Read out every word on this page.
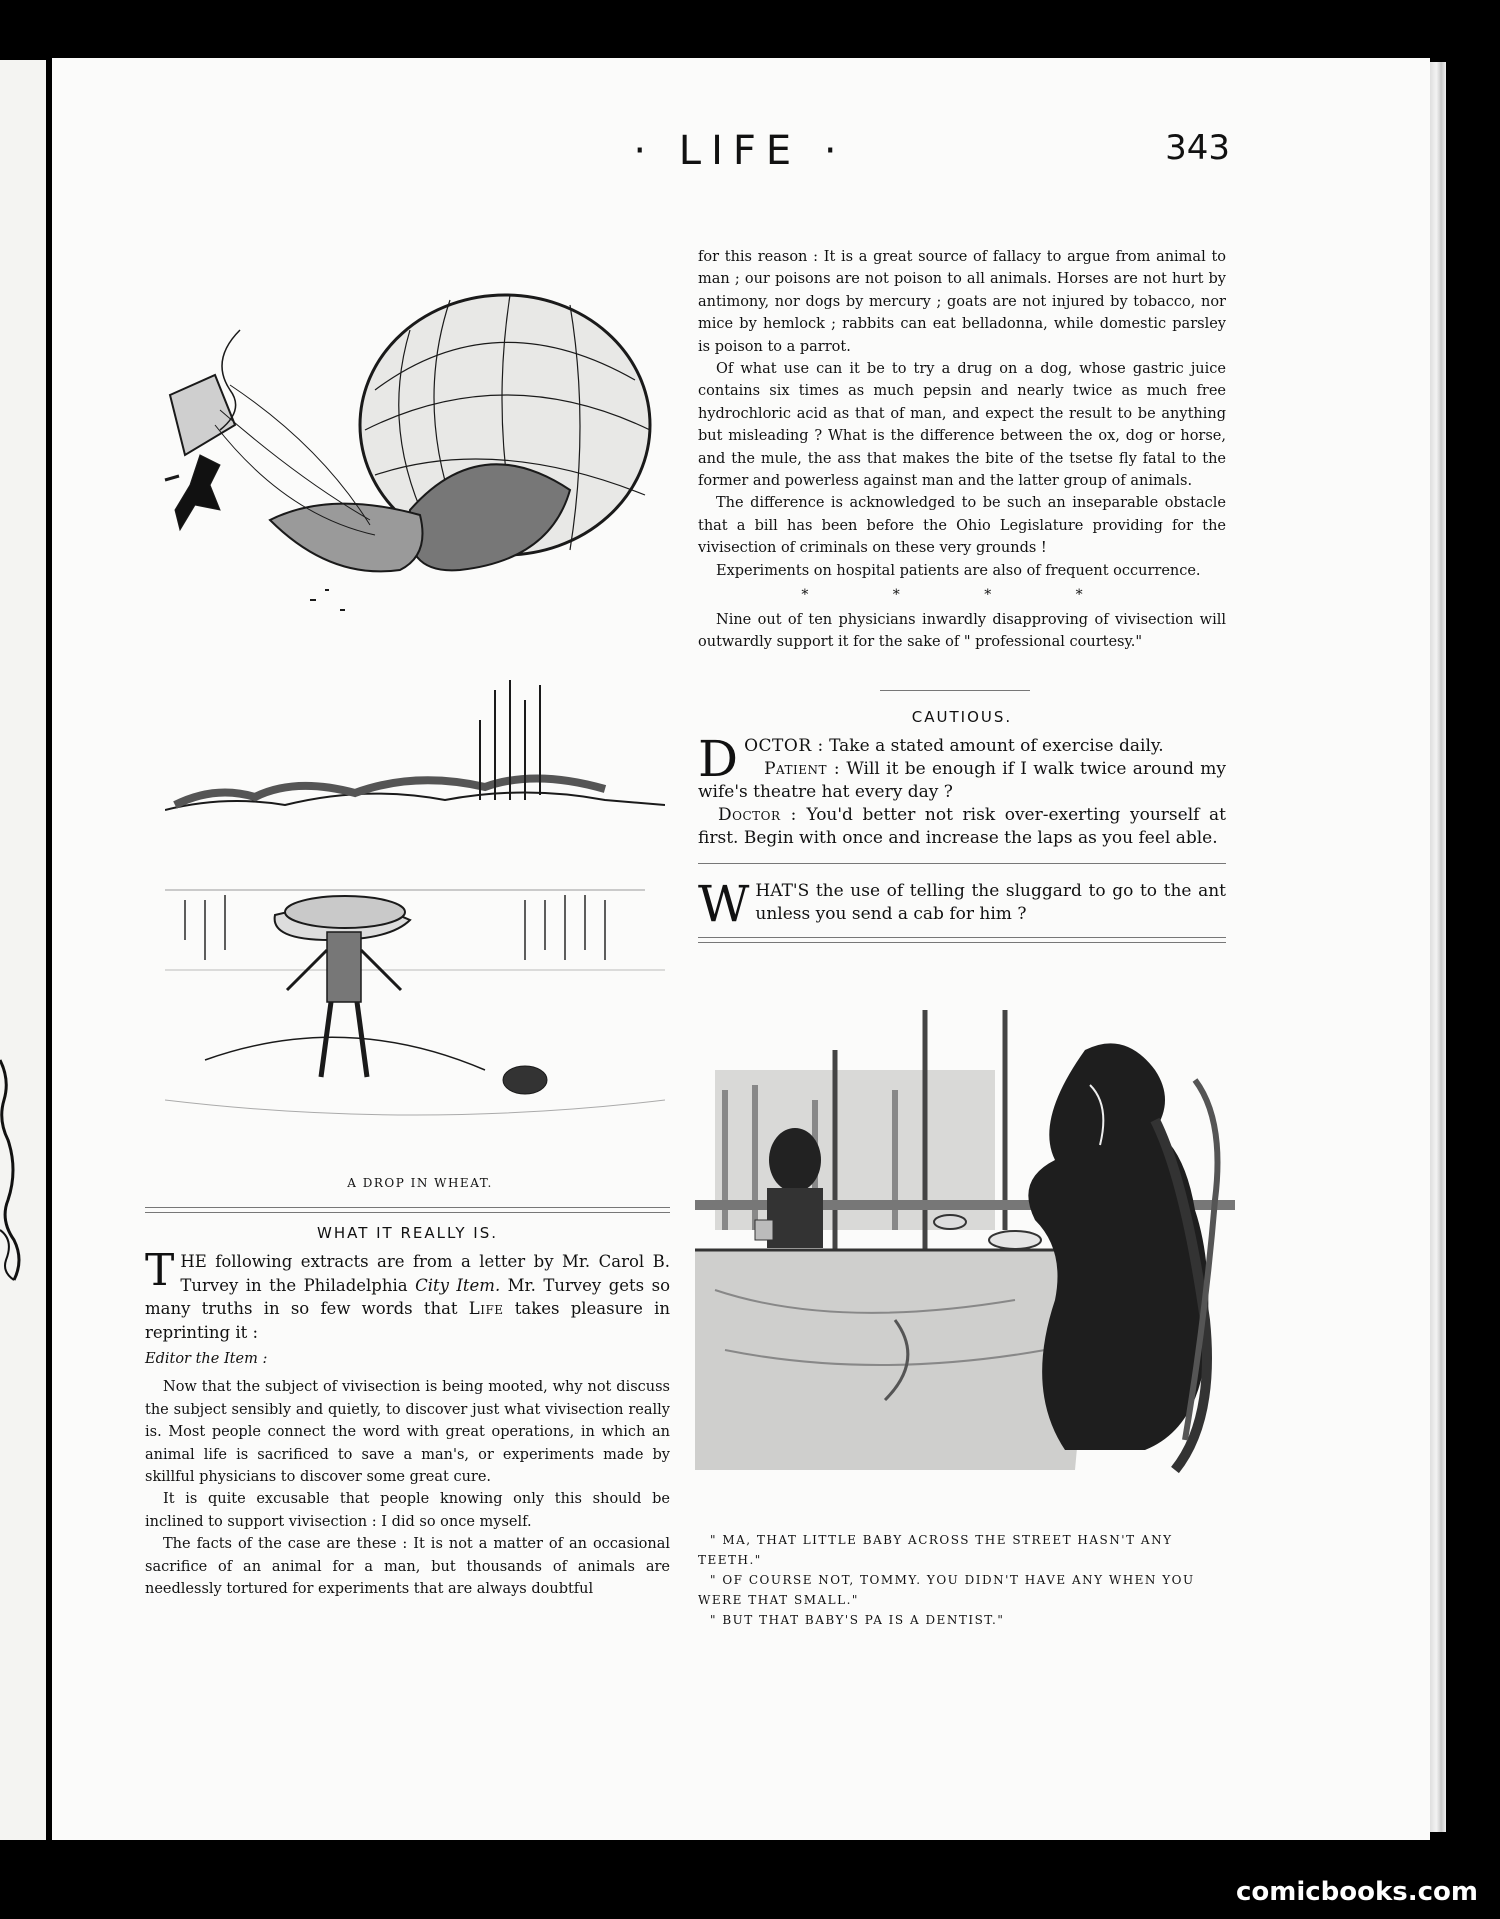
· LIFE ·	343
A DROP IN WHEAT.
WHAT IT REALLY IS.

THE following extracts are from a letter by Mr. Carol B. Turvey in the Philadelphia City Item. Mr. Turvey gets so many truths in so few words that Life takes pleasure in reprinting it :

Editor the Item :

Now that the subject of vivisection is being mooted, why not discuss the subject sensibly and quietly, to discover just what vivisection really is. Most people connect the word with great operations, in which an animal life is sacrificed to save a man's, or experiments made by skillful physicians to discover some great cure.

It is quite excusable that people knowing only this should be inclined to support vivisection : I did so once myself.

The facts of the case are these : It is not a matter of an occasional sacrifice of an animal for a man, but thousands of animals are needlessly tortured for experiments that are always doubtful

for this reason : It is a great source of fallacy to argue from animal to man ; our poisons are not poison to all animals. Horses are not hurt by antimony, nor dogs by mercury ; goats are not injured by tobacco, nor mice by hemlock ; rabbits can eat belladonna, while domestic parsley is poison to a parrot.

Of what use can it be to try a drug on a dog, whose gastric juice contains six times as much pepsin and nearly twice as much free hydrochloric acid as that of man, and expect the result to be anything but misleading ? What is the difference between the ox, dog or horse, and the mule, the ass that makes the bite of the tsetse fly fatal to the former and powerless against man and the latter group of animals.

The difference is acknowledged to be such an inseparable obstacle that a bill has been before the Ohio Legislature providing for the vivisection of criminals on these very grounds !

Experiments on hospital patients are also of frequent occurrence.

* * * *

Nine out of ten physicians inwardly disapproving of vivisection will outwardly support it for the sake of " professional courtesy."

CAUTIOUS.

DOCTOR : Take a stated amount of exercise daily.

Patient : Will it be enough if I walk twice around my wife's theatre hat every day ?

Doctor : You'd better not risk over-exerting yourself at first. Begin with once and increase the laps as you feel able.

WHAT'S the use of telling the sluggard to go to the ant unless you send a cab for him ?

" MA, THAT LITTLE BABY ACROSS THE STREET HASN'T ANY TEETH."

" OF COURSE NOT, TOMMY. YOU DIDN'T HAVE ANY WHEN YOU WERE THAT SMALL."

" BUT THAT BABY'S PA IS A DENTIST."

comicbooks.com
